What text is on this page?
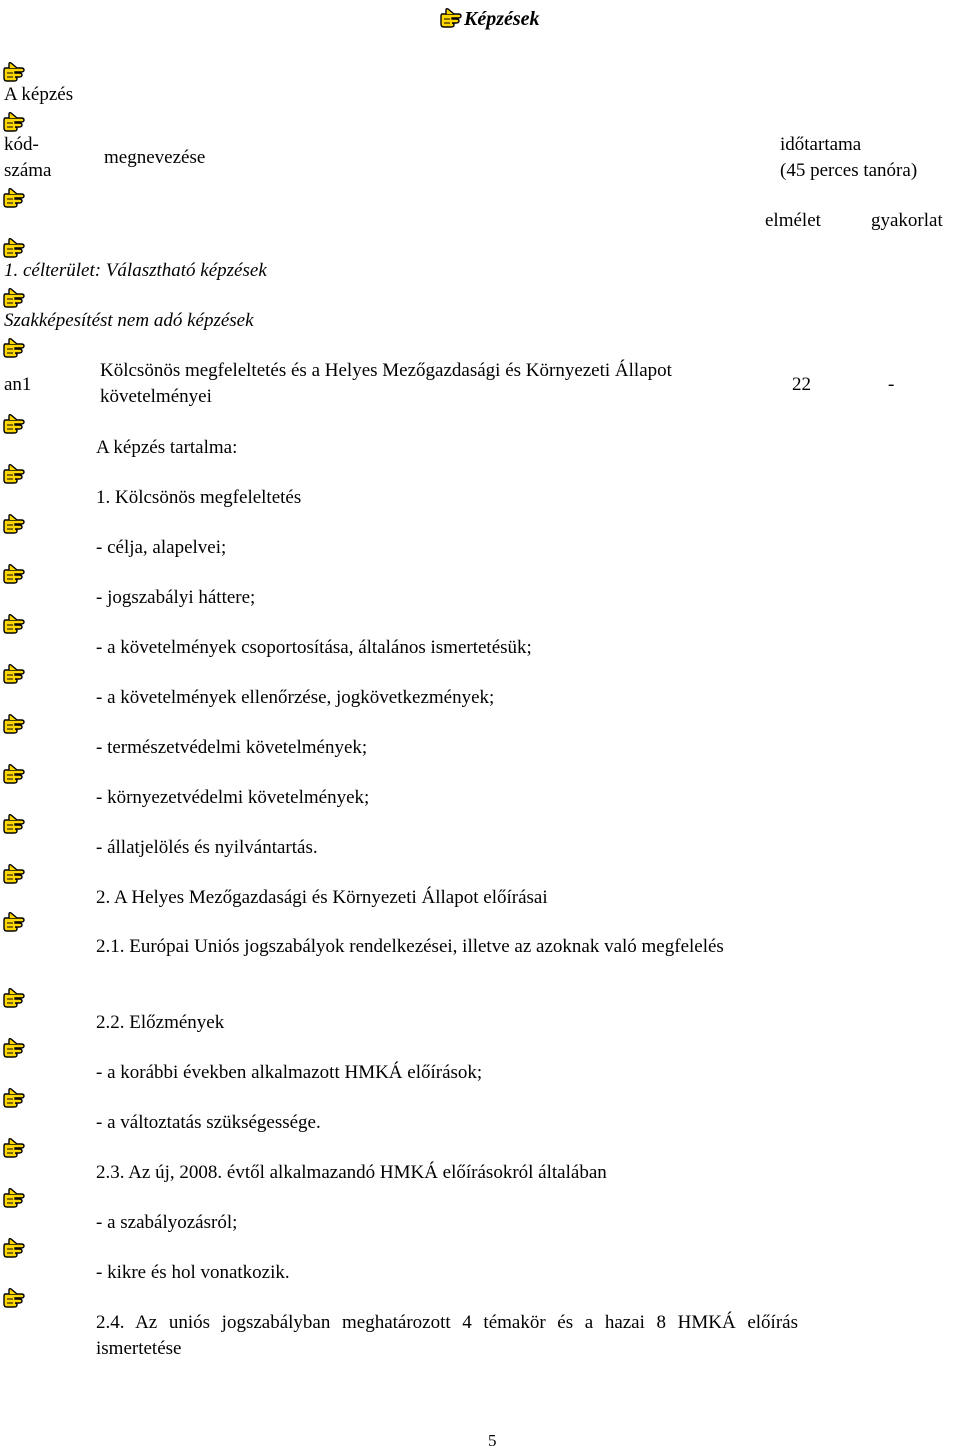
Képzések
A képzés
kód-
száma
megnevezése
időtartama
(45 perces tanóra)
elmélet	gyakorlat
1. célterület: Választható képzések
Szakképesítést nem adó képzések
an1
Kölcsönös megfeleltetés és a Helyes Mezőgazdasági és Környezeti Állapot
követelményei
22	-
A képzés tartalma:
1. Kölcsönös megfeleltetés
- célja, alapelvei;
- jogszabályi háttere;
- a követelmények csoportosítása, általános ismertetésük;
- a követelmények ellenőrzése, jogkövetkezmények;
- természetvédelmi követelmények;
- környezetvédelmi követelmények;
- állatjelölés és nyilvántartás.
2. A Helyes Mezőgazdasági és Környezeti Állapot előírásai
2.1. Európai Uniós jogszabályok rendelkezései, illetve az azoknak való megfelelés
2.2. Előzmények
- a korábbi években alkalmazott HMKÁ előírások;
- a változtatás szükségessége.
2.3. Az új, 2008. évtől alkalmazandó HMKÁ előírásokról általában
- a szabályozásról;
- kikre és hol vonatkozik.
2.4. Az uniós jogszabályban meghatározott 4 témakör és a hazai 8 HMKÁ előírás ismertetése
5
